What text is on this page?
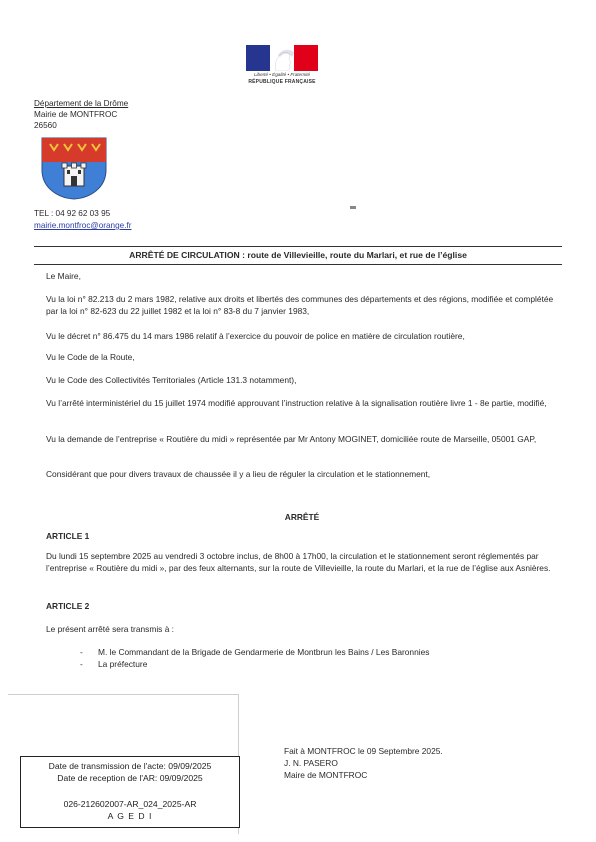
Liberté • Égalité • Fraternité
RÉPUBLIQUE FRANÇAISE
Département de la Drôme
Mairie de MONTFROC
26560
TEL : 04 92 62 03 95
mairie.montfroc@orange.fr
ARRÊTÉ DE CIRCULATION : route de Villevieille, route du Marlari, et rue de l’église
Le Maire,
Vu la loi n° 82.213 du 2 mars 1982, relative aux droits et libertés des communes des départements et des régions, modifiée et complétée par la loi n° 82-623 du 22 juillet 1982 et la loi n° 83-8 du 7 janvier 1983,
Vu le décret n° 86.475 du 14 mars 1986 relatif à l’exercice du pouvoir de police en matière de circulation routière,
Vu le Code de la Route,
Vu le Code des Collectivités Territoriales (Article 131.3 notamment),
Vu l’arrêté interministériel du 15 juillet 1974 modifié approuvant l’instruction relative à la signalisation routière livre 1 - 8e partie, modifié,
Vu la demande de l’entreprise « Routière du midi » représentée par Mr Antony MOGINET, domiciliée route de Marseille, 05001 GAP,
Considérant que pour divers travaux de chaussée il y a lieu de réguler la circulation et le stationnement,
ARRÊTÉ
ARTICLE 1
Du lundi 15 septembre 2025 au vendredi 3 octobre inclus, de 8h00 à 17h00, la circulation et le stationnement seront réglementés par l’entreprise « Routière du midi », par des feux alternants, sur la route de Villevieille, la route du Marlari, et la rue de l’église aux Asnières.
ARTICLE 2
Le présent arrêté sera transmis à :
- M. le Commandant de la Brigade de Gendarmerie de Montbrun les Bains / Les Baronnies
- La préfecture
Fait à MONTFROC le 09 Septembre 2025.
J. N. PASERO
Maire de MONTFROC
Date de transmission de l'acte: 09/09/2025
Date de reception de l'AR: 09/09/2025
026-212602007-AR_024_2025-AR
A G E D I
